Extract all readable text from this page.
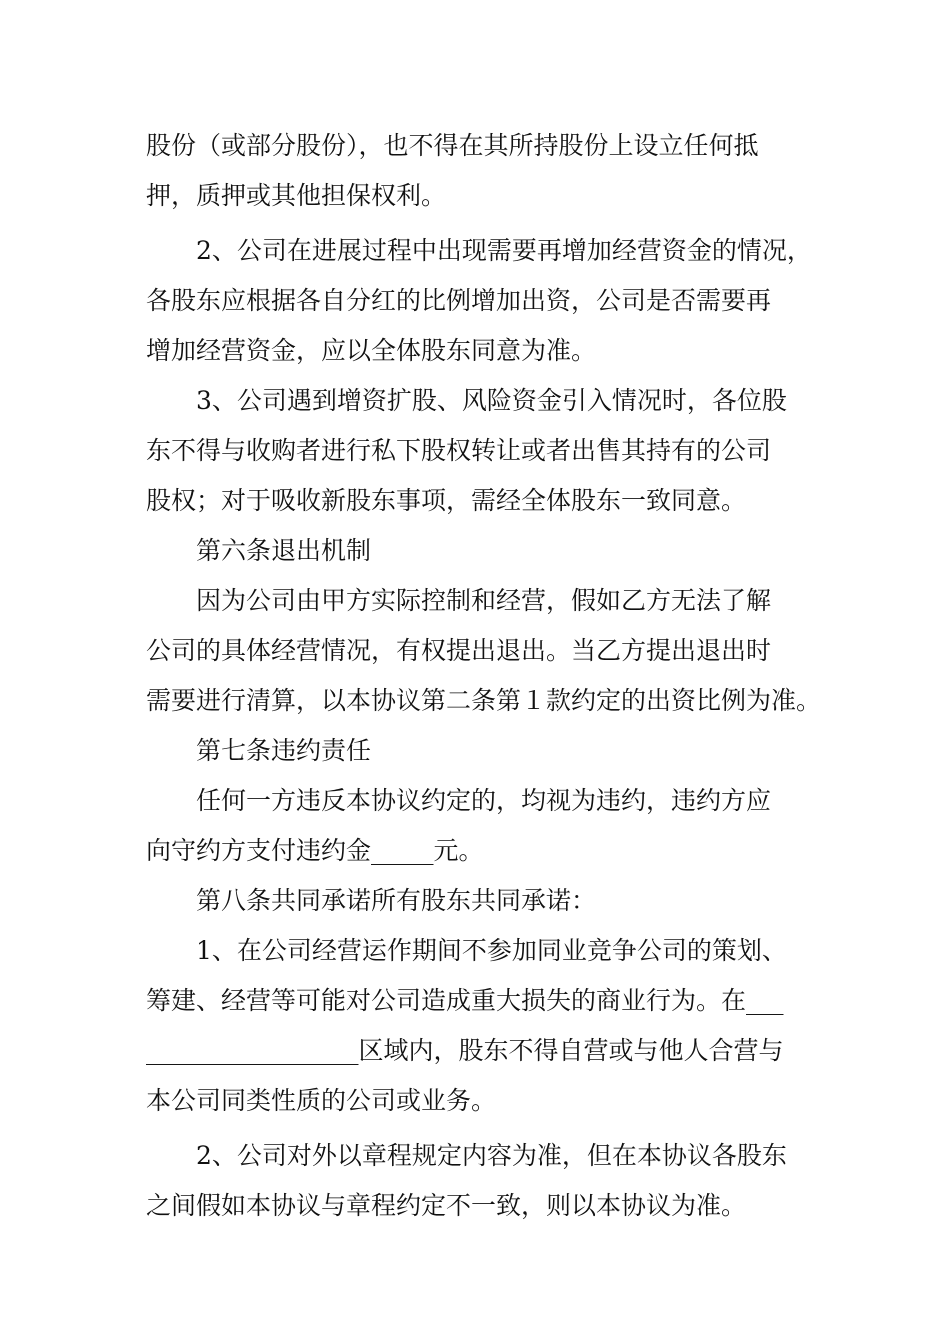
股份（或部分股份），也不得在其所持股份上设立任何抵
押，质押或其他担保权利。
2、公司在进展过程中出现需要再增加经营资金的情况，
各股东应根据各自分红的比例增加出资，公司是否需要再
增加经营资金，应以全体股东同意为准。
3、公司遇到增资扩股、风险资金引入情况时，各位股
东不得与收购者进行私下股权转让或者出售其持有的公司
股权；对于吸收新股东事项，需经全体股东一致同意。
第六条退出机制
因为公司由甲方实际控制和经营，假如乙方无法了解
公司的具体经营情况，有权提出退出。当乙方提出退出时
需要进行清算，以本协议第二条第１款约定的出资比例为准。
第七条违约责任
任何一方违反本协议约定的，均视为违约，违约方应
向守约方支付违约金_____元。
第八条共同承诺所有股东共同承诺：
1、在公司经营运作期间不参加同业竞争公司的策划、
筹建、经营等可能对公司造成重大损失的商业行为。在___
_________________区域内，股东不得自营或与他人合营与
本公司同类性质的公司或业务。
2、公司对外以章程规定内容为准，但在本协议各股东
之间假如本协议与章程约定不一致，则以本协议为准。
